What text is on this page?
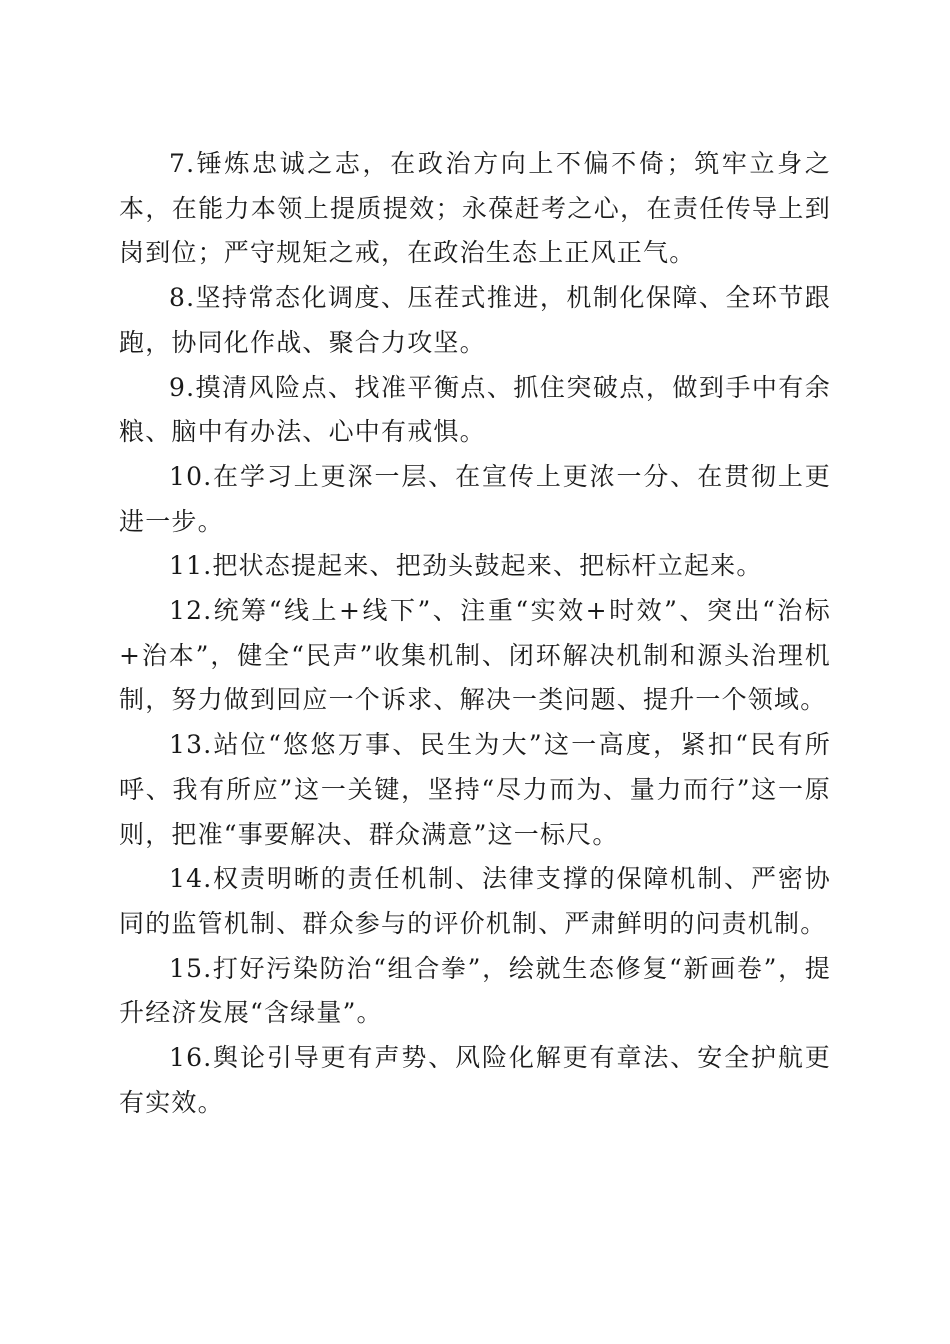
7.锤炼忠诚之志，在政治方向上不偏不倚；筑牢立身之本，在能力本领上提质提效；永葆赶考之心，在责任传导上到岗到位；严守规矩之戒，在政治生态上正风正气。

8.坚持常态化调度、压茬式推进，机制化保障、全环节跟跑，协同化作战、聚合力攻坚。

9.摸清风险点、找准平衡点、抓住突破点，做到手中有余粮、脑中有办法、心中有戒惧。

10.在学习上更深一层、在宣传上更浓一分、在贯彻上更进一步。

11.把状态提起来、把劲头鼓起来、把标杆立起来。

12.统筹“线上+线下”、注重“实效+时效”、突出“治标+治本”，健全“民声”收集机制、闭环解决机制和源头治理机制，努力做到回应一个诉求、解决一类问题、提升一个领域。

13.站位“悠悠万事、民生为大”这一高度，紧扣“民有所呼、我有所应”这一关键，坚持“尽力而为、量力而行”这一原则，把准“事要解决、群众满意”这一标尺。

14.权责明晰的责任机制、法律支撑的保障机制、严密协同的监管机制、群众参与的评价机制、严肃鲜明的问责机制。

15.打好污染防治“组合拳”，绘就生态修复“新画卷”，提升经济发展“含绿量”。

16.舆论引导更有声势、风险化解更有章法、安全护航更有实效。
